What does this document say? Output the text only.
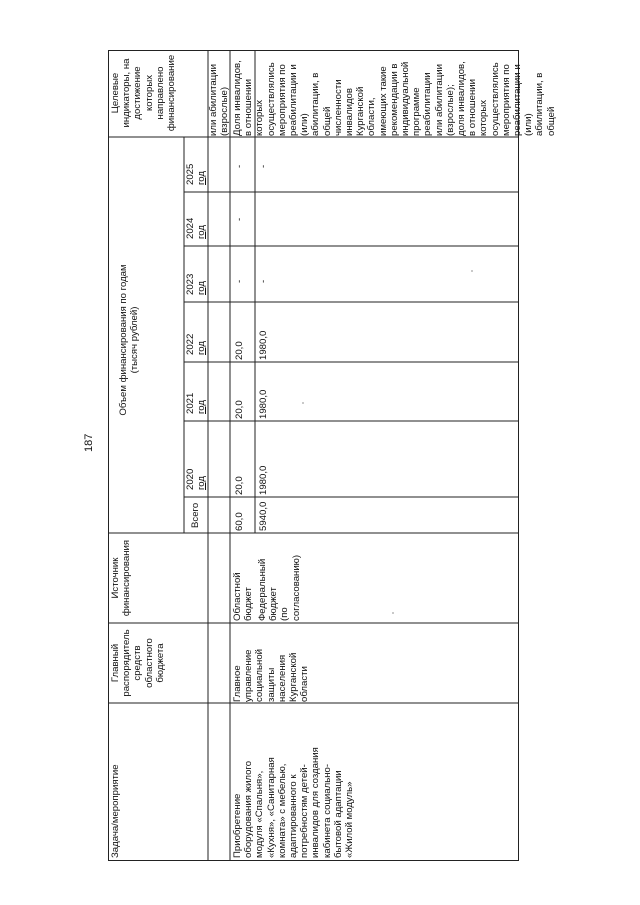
187
Задача/мероприятие
Главный распорядитель средств областного бюджета
Источник финансирования
Объем финансирования по годам (тысяч рублей)
Целевые индикаторы, на достижение которых направлено финансирование
Всего
2020 год
2021 год
2022 год
2023 год
2024 год
2025 год
или абилитации (взрослые)
Приобретение оборудования жилого модуля «Спальня», «Кухня», «Санитарная комната» с мебелью, адаптированного к потребностям детей- инвалидов для создания кабинета социально- бытовой адаптации «Жилой модуль»
Главное управление социальной защиты населения Курганской области
Областной бюджет
60,0
20,0
20,0
20,0
-
-
-
Федеральный бюджет (по согласованию)
5940,0
1980,0
1980,0
1980,0
-
-
Доля инвалидов, в отношении которых осуществлялись мероприятия по реабилитации и (или) абилитации, в общей численности инвалидов Курганской области, имеющих такие рекомендации в индивидуальной программе реабилитации или абилитации (взрослые); доля инвалидов, в отношении которых осуществлялись мероприятия по реабилитации и (или) абилитации, в общей
